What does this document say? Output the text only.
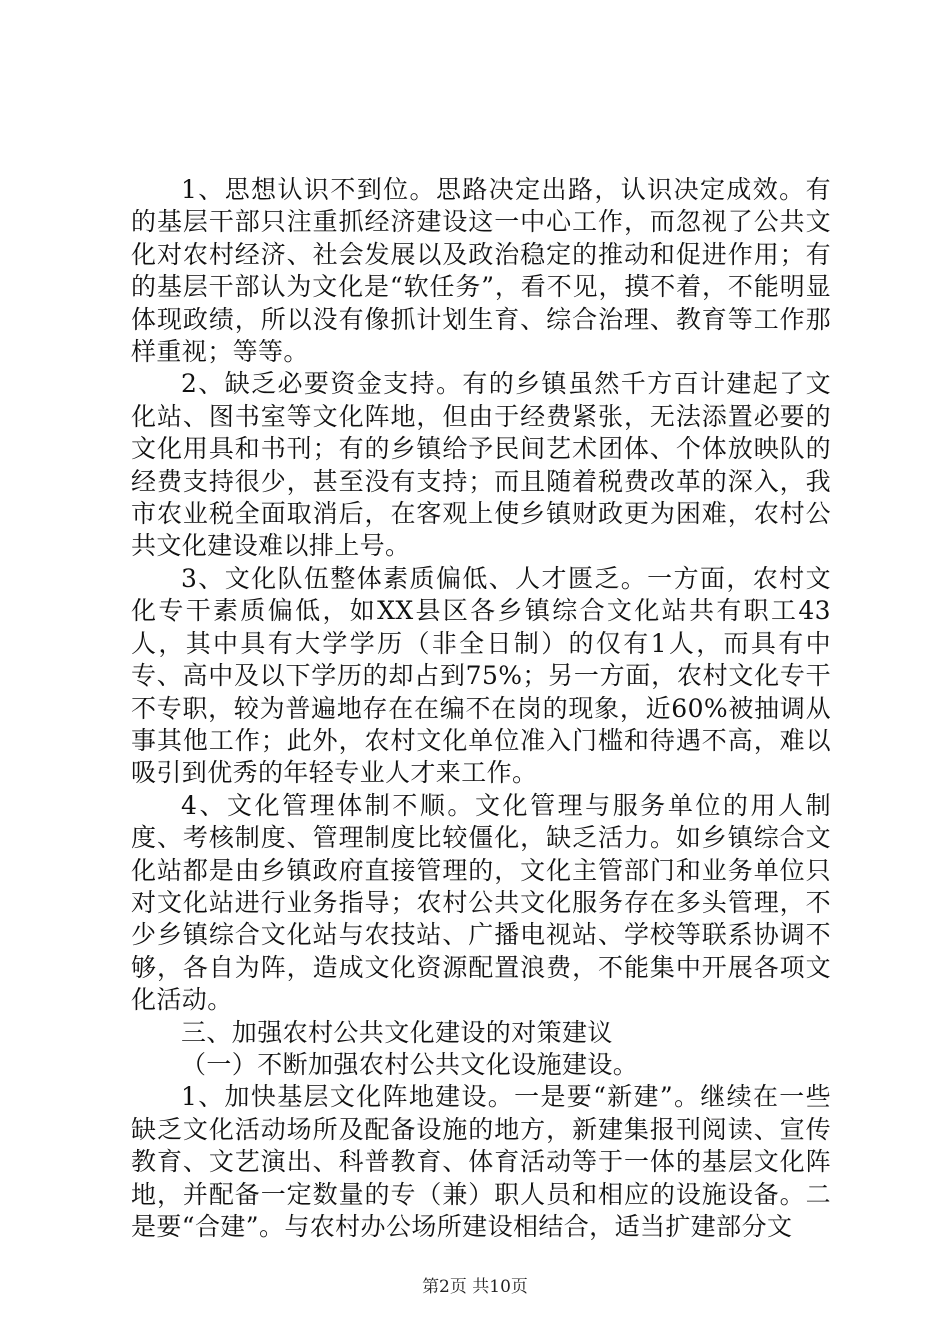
1、思想认识不到位。思路决定出路，认识决定成效。有的基层干部只注重抓经济建设这一中心工作，而忽视了公共文化对农村经济、社会发展以及政治稳定的推动和促进作用；有的基层干部认为文化是“软任务”，看不见，摸不着，不能明显体现政绩，所以没有像抓计划生育、综合治理、教育等工作那样重视；等等。

2、缺乏必要资金支持。有的乡镇虽然千方百计建起了文化站、图书室等文化阵地，但由于经费紧张，无法添置必要的文化用具和书刊；有的乡镇给予民间艺术团体、个体放映队的经费支持很少，甚至没有支持；而且随着税费改革的深入，我市农业税全面取消后，在客观上使乡镇财政更为困难，农村公共文化建设难以排上号。

3、文化队伍整体素质偏低、人才匮乏。一方面，农村文化专干素质偏低，如XX县区各乡镇综合文化站共有职工43人，其中具有大学学历（非全日制）的仅有1人，而具有中专、高中及以下学历的却占到75%；另一方面，农村文化专干不专职，较为普遍地存在在编不在岗的现象，近60%被抽调从事其他工作；此外，农村文化单位准入门槛和待遇不高，难以吸引到优秀的年轻专业人才来工作。

4、文化管理体制不顺。文化管理与服务单位的用人制度、考核制度、管理制度比较僵化，缺乏活力。如乡镇综合文化站都是由乡镇政府直接管理的，文化主管部门和业务单位只对文化站进行业务指导；农村公共文化服务存在多头管理，不少乡镇综合文化站与农技站、广播电视站、学校等联系协调不够，各自为阵，造成文化资源配置浪费，不能集中开展各项文化活动。

三、加强农村公共文化建设的对策建议

（一）不断加强农村公共文化设施建设。

1、加快基层文化阵地建设。一是要“新建”。继续在一些缺乏文化活动场所及配备设施的地方，新建集报刊阅读、宣传教育、文艺演出、科普教育、体育活动等于一体的基层文化阵地，并配备一定数量的专（兼）职人员和相应的设施设备。二是要“合建”。与农村办公场所建设相结合，适当扩建部分文

第2页 共10页
